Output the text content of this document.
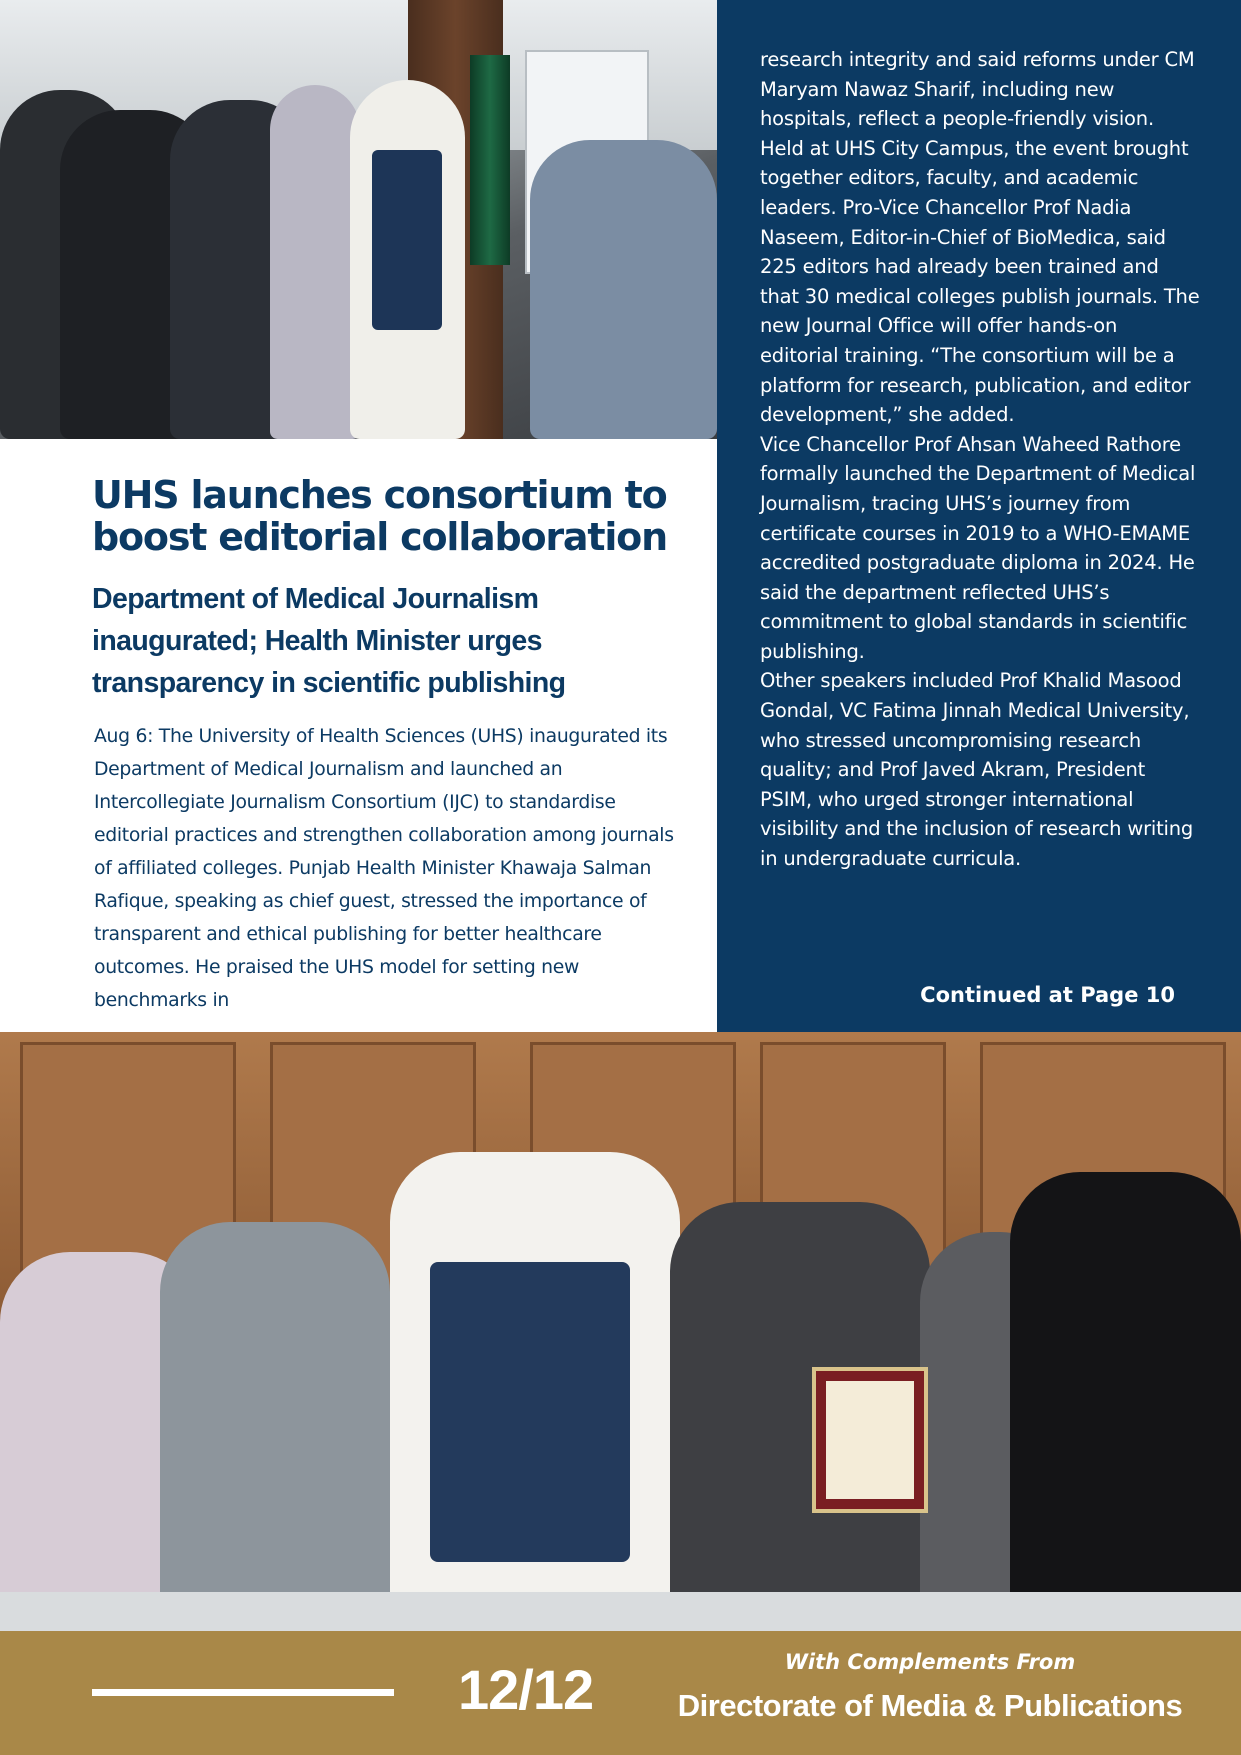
research integrity and said reforms under CM Maryam Nawaz Sharif, including new hospitals, reflect a people-friendly vision. Held at UHS City Campus, the event brought together editors, faculty, and academic leaders. Pro-Vice Chancellor Prof Nadia Naseem, Editor-in-Chief of BioMedica, said 225 editors had already been trained and that 30 medical colleges publish journals. The new Journal Office will offer hands-on editorial training. “The consortium will be a platform for research, publication, and editor development,” she added.

Vice Chancellor Prof Ahsan Waheed Rathore formally launched the Department of Medical Journalism, tracing UHS’s journey from certificate courses in 2019 to a WHO-EMAME accredited postgraduate diploma in 2024. He said the department reflected UHS’s commitment to global standards in scientific publishing.

Other speakers included Prof Khalid Masood Gondal, VC Fatima Jinnah Medical University, who stressed uncompromising research quality; and Prof Javed Akram, President PSIM, who urged stronger international visibility and the inclusion of research writing in undergraduate curricula.

Continued at Page 10
UHS launches consortium to boost editorial collaboration
Department of Medical Journalism inaugurated; Health Minister urges transparency in scientific publishing

Aug 6: The University of Health Sciences (UHS) inaugurated its Department of Medical Journalism and launched an Intercollegiate Journalism Consortium (IJC) to standardise editorial practices and strengthen collaboration among journals of affiliated colleges. Punjab Health Minister Khawaja Salman Rafique, speaking as chief guest, stressed the importance of transparent and ethical publishing for better healthcare outcomes. He praised the UHS model for setting new benchmarks in

12/12	With Complements From
Directorate of Media & Publications
